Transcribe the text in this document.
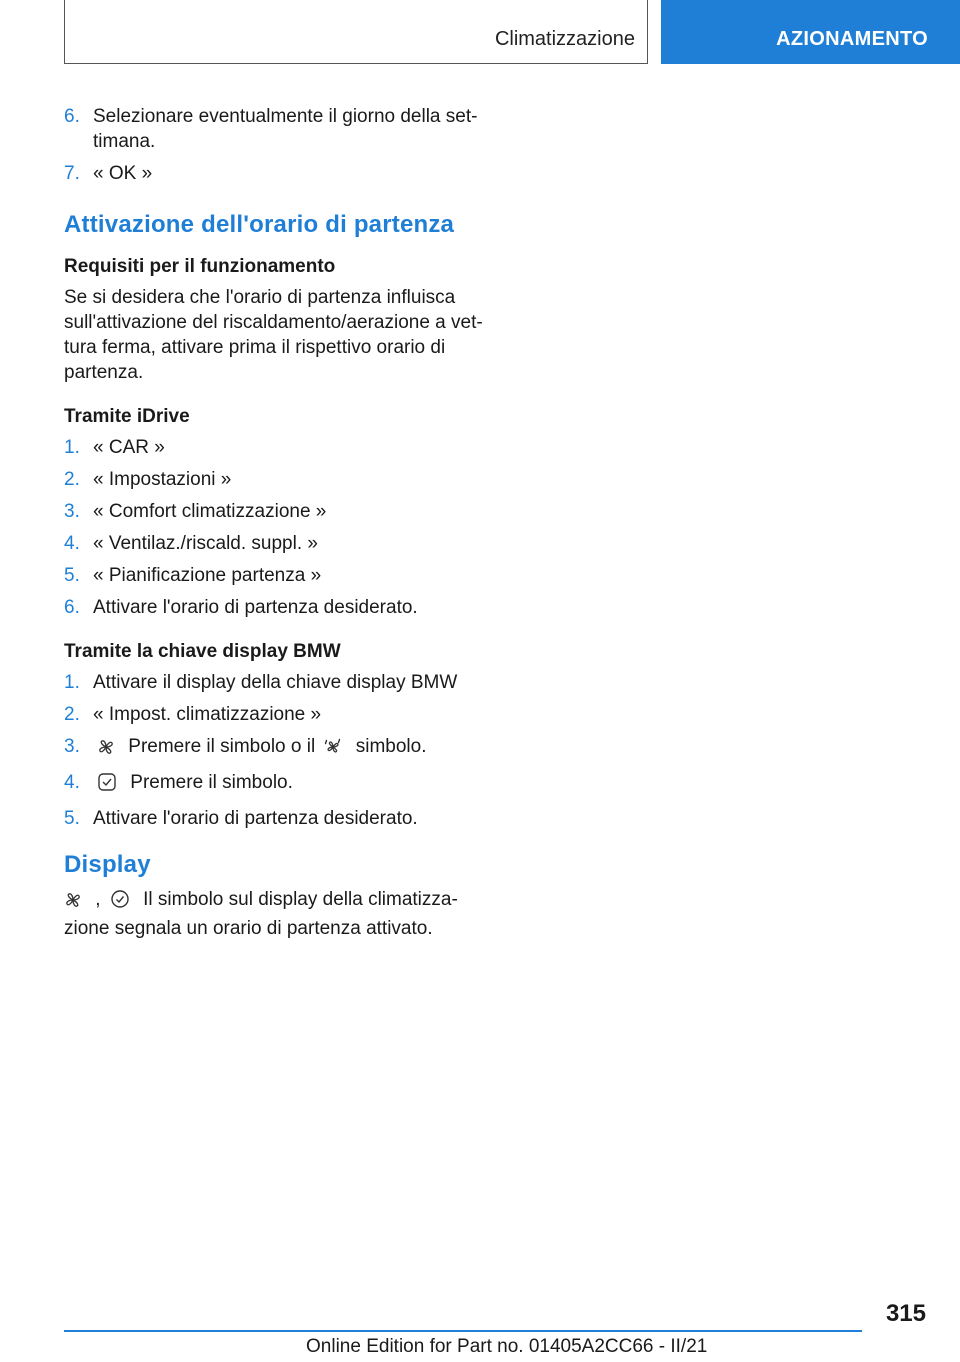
Climatizzazione	AZIONAMENTO
6. Selezionare eventualmente il giorno della set-timana.
7. « OK »
Attivazione dell'orario di partenza
Requisiti per il funzionamento

Se si desidera che l'orario di partenza influisca sull'attivazione del riscaldamento/aerazione a vet-tura ferma, attivare prima il rispettivo orario di partenza.

Tramite iDrive
1. « CAR »
2. « Impostazioni »
3. « Comfort climatizzazione »
4. « Ventilaz./riscald. suppl. »
5. « Pianificazione partenza »
6. Attivare l'orario di partenza desiderato.
Tramite la chiave display BMW
1. Attivare il display della chiave display BMW
2. « Impost. climatizzazione »
3.	Premere il simbolo o il simbolo.
4.	Premere il simbolo.
5. Attivare l'orario di partenza desiderato.
Display
, Il simbolo sul display della climatizza-zione segnala un orario di partenza attivato.
315
Online Edition for Part no. 01405A2CC66 - II/21
